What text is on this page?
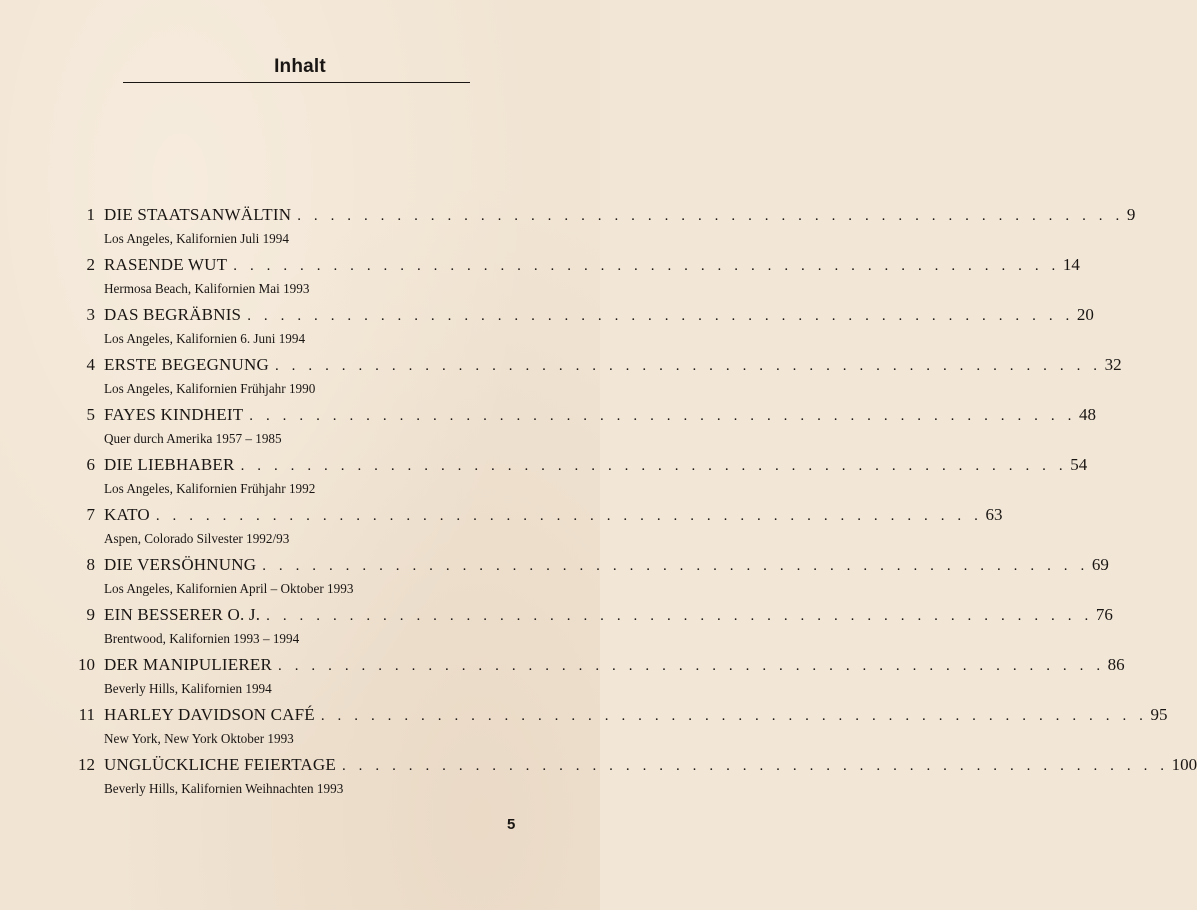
Inhalt
1 DIE STAATSANWÄLTIN . . . . . . . . . . . . . . . . . . . . . . . . . . . . . . . . . . . . . . . . . . . . . . . . . . 9
Los Angeles, Kalifornien Juli 1994
2 RASENDE WUT . . . . . . . . . . . . . . . . . . . . . . . . . . . . . . . . . . . . . . . . . . . . . . . . . . 14
Hermosa Beach, Kalifornien Mai 1993
3 DAS BEGRÄBNIS . . . . . . . . . . . . . . . . . . . . . . . . . . . . . . . . . . . . . . . . . . . . . . . . . . 20
Los Angeles, Kalifornien 6. Juni 1994
4 ERSTE BEGEGNUNG . . . . . . . . . . . . . . . . . . . . . . . . . . . . . . . . . . . . . . . . . . . . . . . . . . 32
Los Angeles, Kalifornien Frühjahr 1990
5 FAYES KINDHEIT . . . . . . . . . . . . . . . . . . . . . . . . . . . . . . . . . . . . . . . . . . . . . . . . . . 48
Quer durch Amerika 1957 – 1985
6 DIE LIEBHABER . . . . . . . . . . . . . . . . . . . . . . . . . . . . . . . . . . . . . . . . . . . . . . . . . . 54
Los Angeles, Kalifornien Frühjahr 1992
7 KATO . . . . . . . . . . . . . . . . . . . . . . . . . . . . . . . . . . . . . . . . . . . . . . . . . . 63
Aspen, Colorado Silvester 1992/93
8 DIE VERSÖHNUNG . . . . . . . . . . . . . . . . . . . . . . . . . . . . . . . . . . . . . . . . . . . . . . . . . . 69
Los Angeles, Kalifornien April – Oktober 1993
9 EIN BESSERER O. J. . . . . . . . . . . . . . . . . . . . . . . . . . . . . . . . . . . . . . . . . . . . . . . . . . . 76
Brentwood, Kalifornien 1993 – 1994
10 DER MANIPULIERER . . . . . . . . . . . . . . . . . . . . . . . . . . . . . . . . . . . . . . . . . . . . . . . . . . 86
Beverly Hills, Kalifornien 1994
11 HARLEY DAVIDSON CAFÉ . . . . . . . . . . . . . . . . . . . . . . . . . . . . . . . . . . . . . . . . . . . . . . . . . . 95
New York, New York Oktober 1993
12 UNGLÜCKLICHE FEIERTAGE . . . . . . . . . . . . . . . . . . . . . . . . . . . . . . . . . . . . . . . . . . . . . . . . . . 100
Beverly Hills, Kalifornien Weihnachten 1993
5
